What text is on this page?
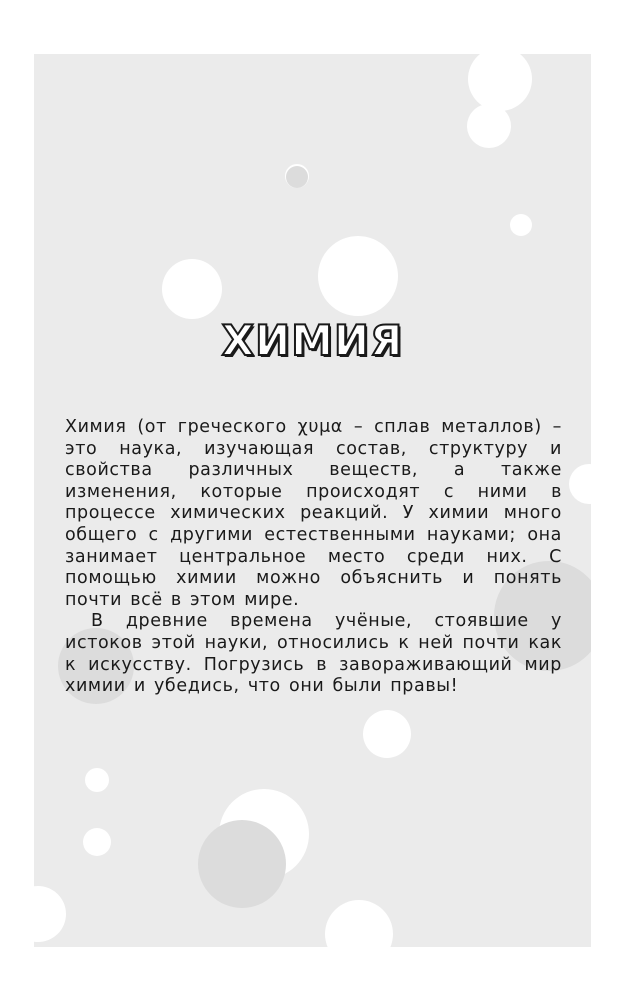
ХИМИЯ

Химия (от греческого χυμα – сплав металлов) – это наука, изучающая состав, структуру и свойства различных веществ, а также изменения, которые происходят с ними в процессе химических реакций. У химии много общего с другими естественными науками; она занимает центральное место среди них. С помощью химии можно объяснить и понять почти всё в этом мире.

В древние времена учёные, стоявшие у истоков этой науки, относились к ней почти как к искусству. Погрузись в завораживающий мир химии и убедись, что они были правы!
